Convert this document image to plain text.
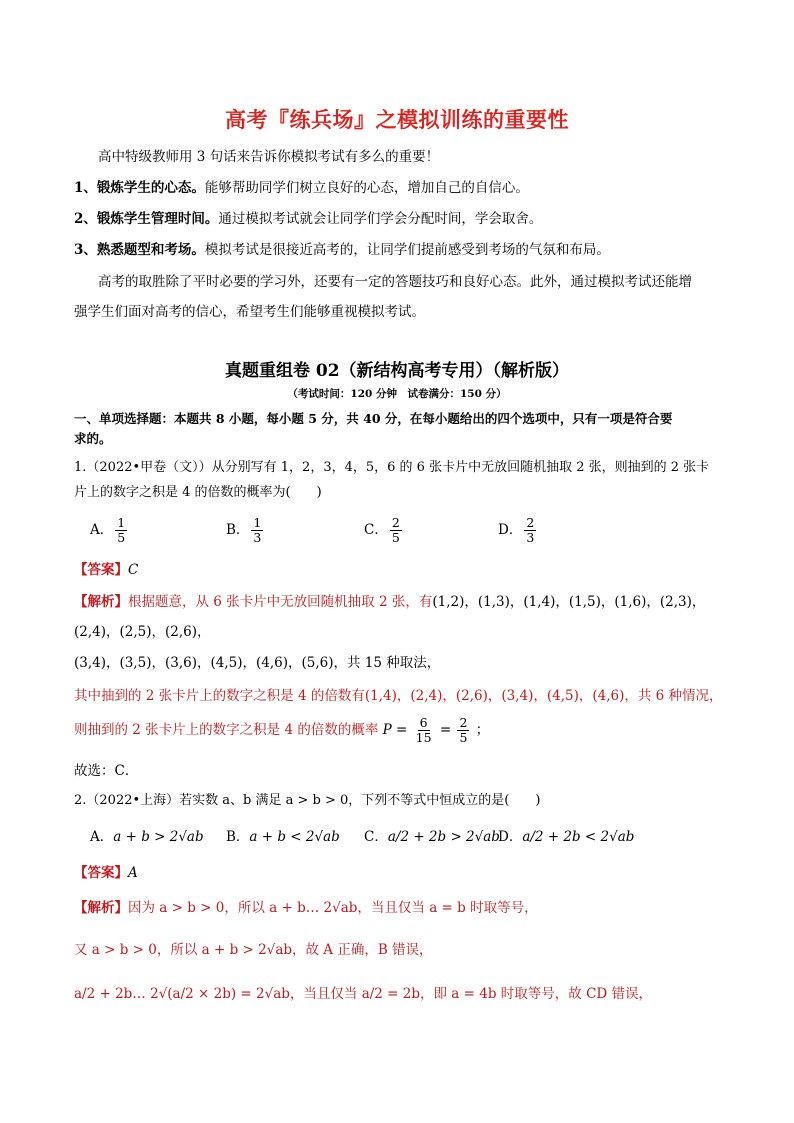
高考『练兵场』之模拟训练的重要性
高中特级教师用 3 句话来告诉你模拟考试有多么的重要！
1、锻炼学生的心态。能够帮助同学们树立良好的心态，增加自己的自信心。
2、锻炼学生管理时间。通过模拟考试就会让同学们学会分配时间，学会取舍。
3、熟悉题型和考场。模拟考试是很接近高考的，让同学们提前感受到考场的气氛和布局。
高考的取胜除了平时必要的学习外，还要有一定的答题技巧和良好心态。此外，通过模拟考试还能增
强学生们面对高考的信心，希望考生们能够重视模拟考试。
真题重组卷 02（新结构高考专用）（解析版）
（考试时间：120 分钟　试卷满分：150 分）
一、单项选择题：本题共 8 小题，每小题 5 分，共 40 分，在每小题给出的四个选项中，只有一项是符合要
求的。
1.（2022•甲卷（文））从分别写有 1，2，3，4，5，6 的 6 张卡片中无放回随机抽取 2 张，则抽到的 2 张卡
片上的数字之积是 4 的倍数的概率为(　　)
A． $\frac{1}{5}$	B． $\frac{1}{3}$	C． $\frac{2}{5}$	D． $\frac{2}{3}$
【答案】C
【解析】根据题意，从 6 张卡片中无放回随机抽取 2 张，有(1,2)，(1,3)，(1,4)，(1,5)，(1,6)，(2,3)，
(2,4)，(2,5)，(2,6)，
(3,4)，(3,5)，(3,6)，(4,5)，(4,6)，(5,6)，共 15 种取法，
其中抽到的 2 张卡片上的数字之积是 4 的倍数有(1,4)，(2,4)，(2,6)，(3,4)，(4,5)，(4,6)，共 6 种情况，
则抽到的 2 张卡片上的数字之积是 4 的倍数的概率 $P = \frac{6}{15} = \frac{2}{5}$ ；
故选：C．
2.（2022•上海）若实数 a、b 满足 a > b > 0，下列不等式中恒成立的是(　　)
A．a + b > 2√ab B．a + b < 2√ab C．a/2 + 2b > 2√ab
D．a/2 + 2b < 2√ab
【答案】A
【解析】因为 a > b > 0，所以 a + b… 2√ab，当且仅当 a = b 时取等号，
又 a > b > 0，所以 a + b > 2√ab，故 A 正确，B 错误，
a/2 + 2b… 2√(a/2 × 2b) = 2√ab，当且仅当 a/2 = 2b，即 a = 4b 时取等号，故 CD 错误，
